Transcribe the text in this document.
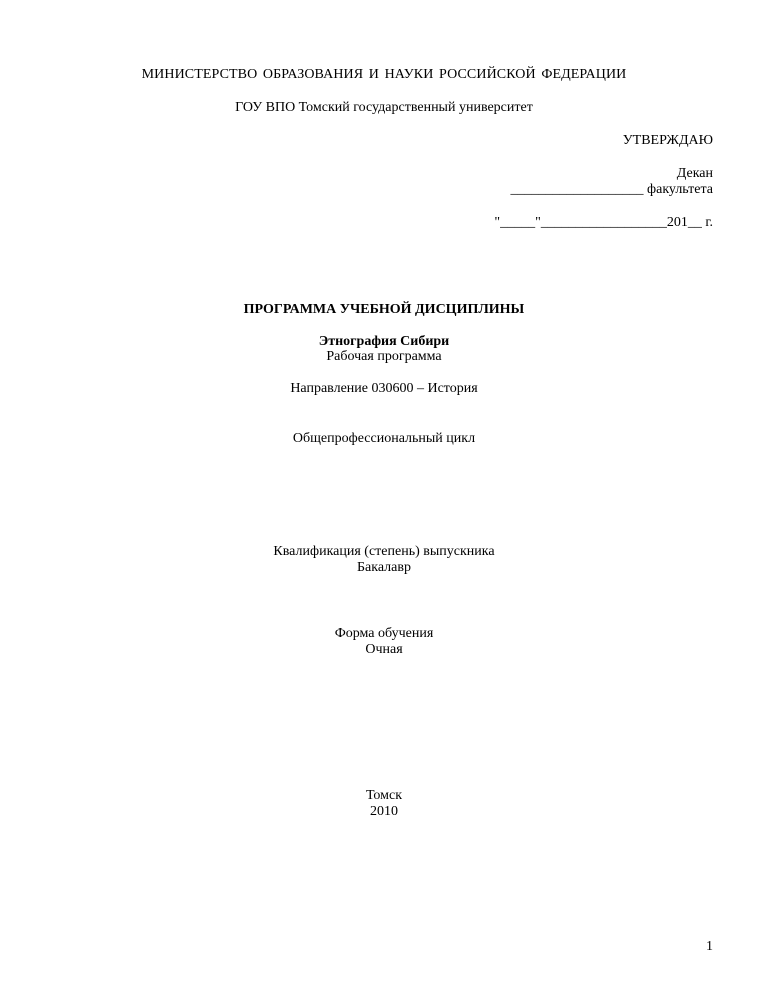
МИНИСТЕРСТВО ОБРАЗОВАНИЯ И НАУКИ РОССИЙСКОЙ ФЕДЕРАЦИИ
ГОУ ВПО Томский государственный университет
УТВЕРЖДАЮ
Декан
___________________ факультета
"_____"__________________201__ г.
ПРОГРАММА УЧЕБНОЙ ДИСЦИПЛИНЫ
Этнография Сибири
Рабочая программа
Направление 030600 – История
Общепрофессиональный цикл
Квалификация (степень) выпускника
Бакалавр
Форма обучения
Очная
Томск
2010
1
